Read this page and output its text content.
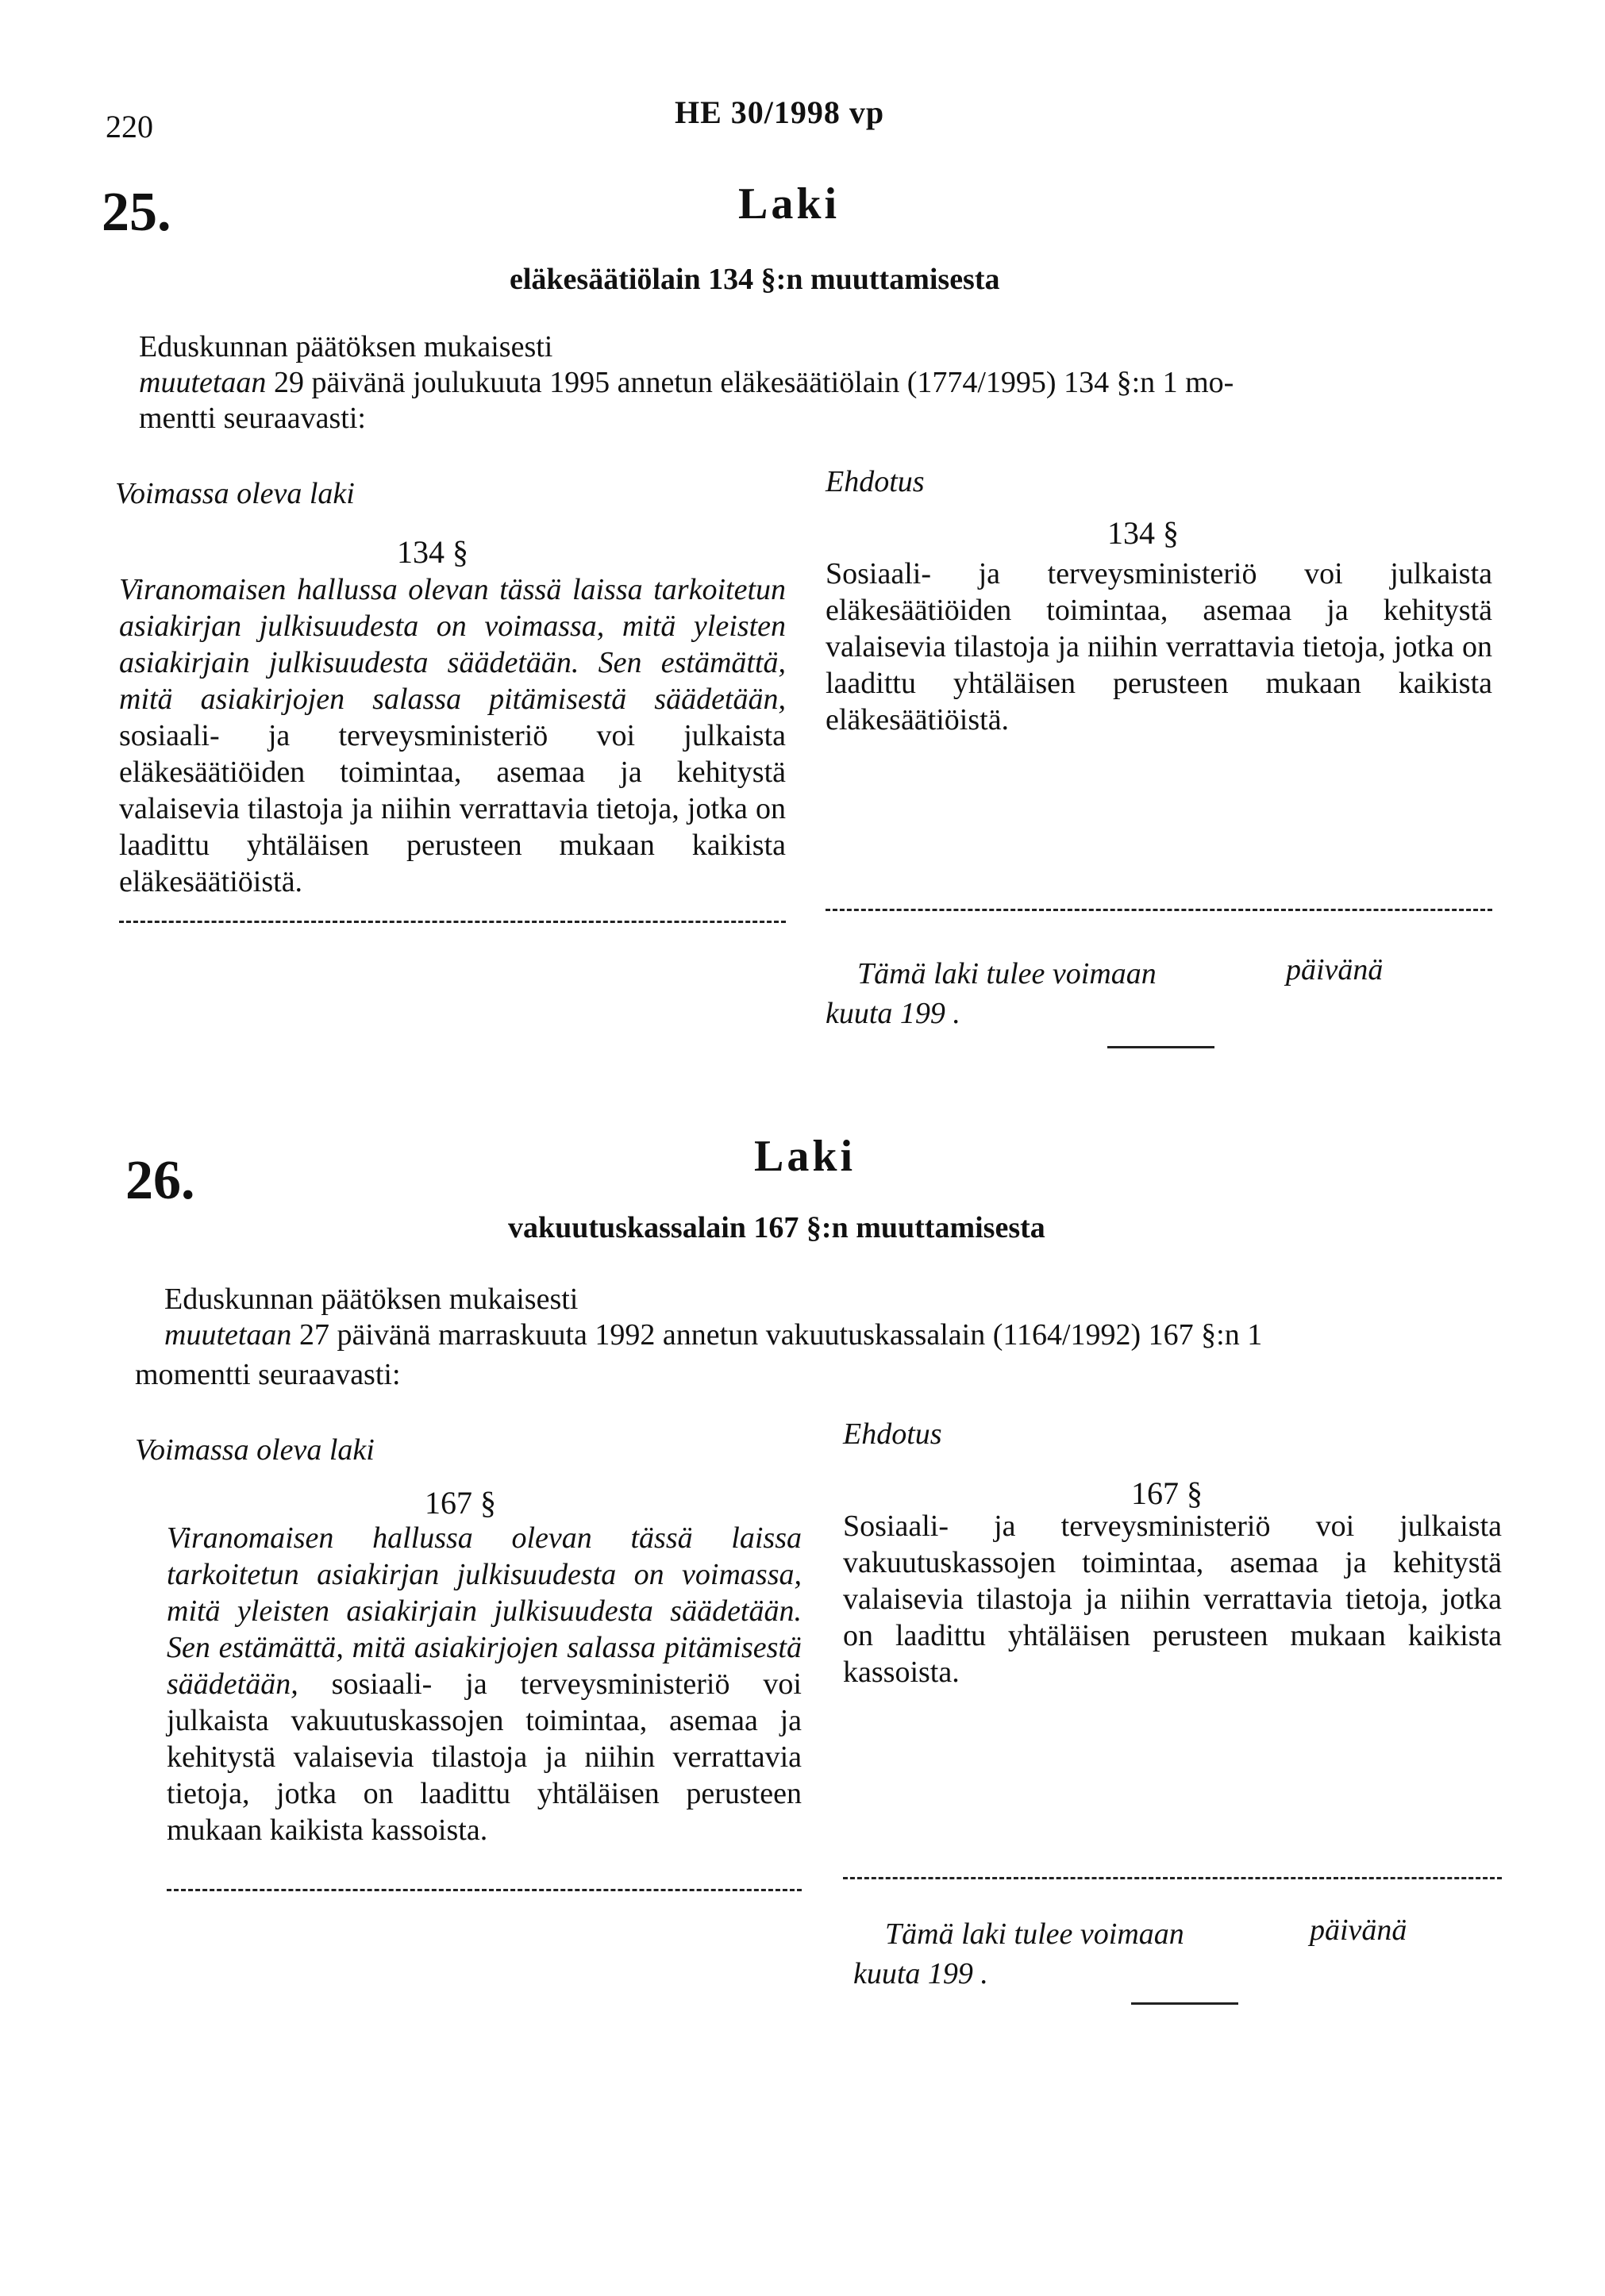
220	HE 30/1998 vp
25.	Laki
eläkesäätiölain 134 §:n muuttamisesta
Eduskunnan päätöksen mukaisesti
muutetaan 29 päivänä joulukuuta 1995 annetun eläkesäätiölain (1774/1995) 134 §:n 1 mo-
mentti seuraavasti:
Voimassa oleva laki	Ehdotus
134 §
134 §
Viranomaisen hallussa olevan tässä laissa tarkoitetun asiakirjan julkisuudesta on voimassa, mitä yleisten asiakirjain julkisuudesta säädetään. Sen estämättä, mitä asiakirjojen salassa pitämisestä säädetään, sosiaali- ja terveysministeriö voi julkaista eläkesäätiöiden toimintaa, asemaa ja kehitystä valaisevia tilastoja ja niihin verrattavia tietoja, jotka on laadittu yhtäläisen perusteen mukaan kaikista eläkesäätiöistä.
Sosiaali- ja terveysministeriö voi julkaista eläkesäätiöiden toimintaa, asemaa ja kehitystä valaisevia tilastoja ja niihin verrattavia tietoja, jotka on laadittu yhtäläisen perusteen mukaan kaikista eläkesäätiöistä.
Tämä laki tulee voimaan	päivänä
kuuta 199 .
26.	Laki
vakuutuskassalain 167 §:n muuttamisesta
Eduskunnan päätöksen mukaisesti
muutetaan 27 päivänä marraskuuta 1992 annetun vakuutuskassalain (1164/1992) 167 §:n 1
momentti seuraavasti:
Voimassa oleva laki	Ehdotus
167 §	167 §
Viranomaisen hallussa olevan tässä laissa tarkoitetun asiakirjan julkisuudesta on voimassa, mitä yleisten asiakirjain julkisuudesta säädetään. Sen estämättä, mitä asiakirjojen salassa pitämisestä säädetään, sosiaali- ja terveysministeriö voi julkaista vakuutuskassojen toimintaa, asemaa ja kehitystä valaisevia tilastoja ja niihin verrattavia tietoja, jotka on laadittu yhtäläisen perusteen mukaan kaikista kassoista.
Sosiaali- ja terveysministeriö voi julkaista vakuutuskassojen toimintaa, asemaa ja kehitystä valaisevia tilastoja ja niihin verrattavia tietoja, jotka on laadittu yhtäläisen perusteen mukaan kaikista kassoista.
Tämä laki tulee voimaan	päivänä
kuuta 199 .
